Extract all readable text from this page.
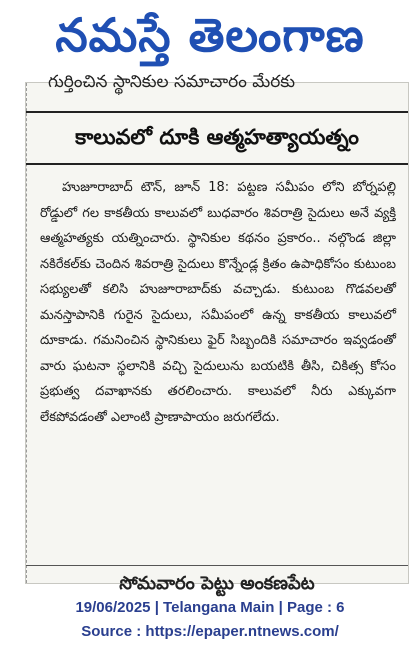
నమస్తే తెలంగాణ
గుర్తించిన స్థానికుల సమాచారం మేరకు
కాలువలో దూకి ఆత్మహత్యాయత్నం
హుజూరాబాద్ టౌన్, జూన్ 18: పట్టణ సమీపం లోని బోర్నపల్లి రోడ్డులో గల కాకతీయ కాలువలో బుధవారం శివరాత్రి సైదులు అనే వ్యక్తి ఆత్మహత్యకు యత్నించారు. స్థానికుల కథనం ప్రకారం.. నల్గొండ జిల్లా నకిరేకల్‌కు చెందిన శివరాత్రి సైదులు కొన్నేండ్ల క్రితం ఉపాధికోసం కుటుంబ సభ్యులతో కలిసి హుజూరాబాద్‌కు వచ్చాడు. కుటుంబ గొడవలతో మనస్తాపానికి గురైన సైదులు, సమీపంలో ఉన్న కాకతీయ కాలువలో దూకాడు. గమనించిన స్థానికులు ఫైర్ సిబ్బందికి సమాచారం ఇవ్వడంతో వారు ఘటనా స్థలానికి వచ్చి సైదులును బయటికి తీసి, చికిత్స కోసం ప్రభుత్వ దవాఖానకు తరలించారు. కాలువలో నీరు ఎక్కువగా లేకపోవడంతో ఎలాంటి ప్రాణాపాయం జరుగలేదు.
సోమవారం పెట్టు అంకణపేట
19/06/2025 | Telangana Main | Page : 6
Source : https://epaper.ntnews.com/
